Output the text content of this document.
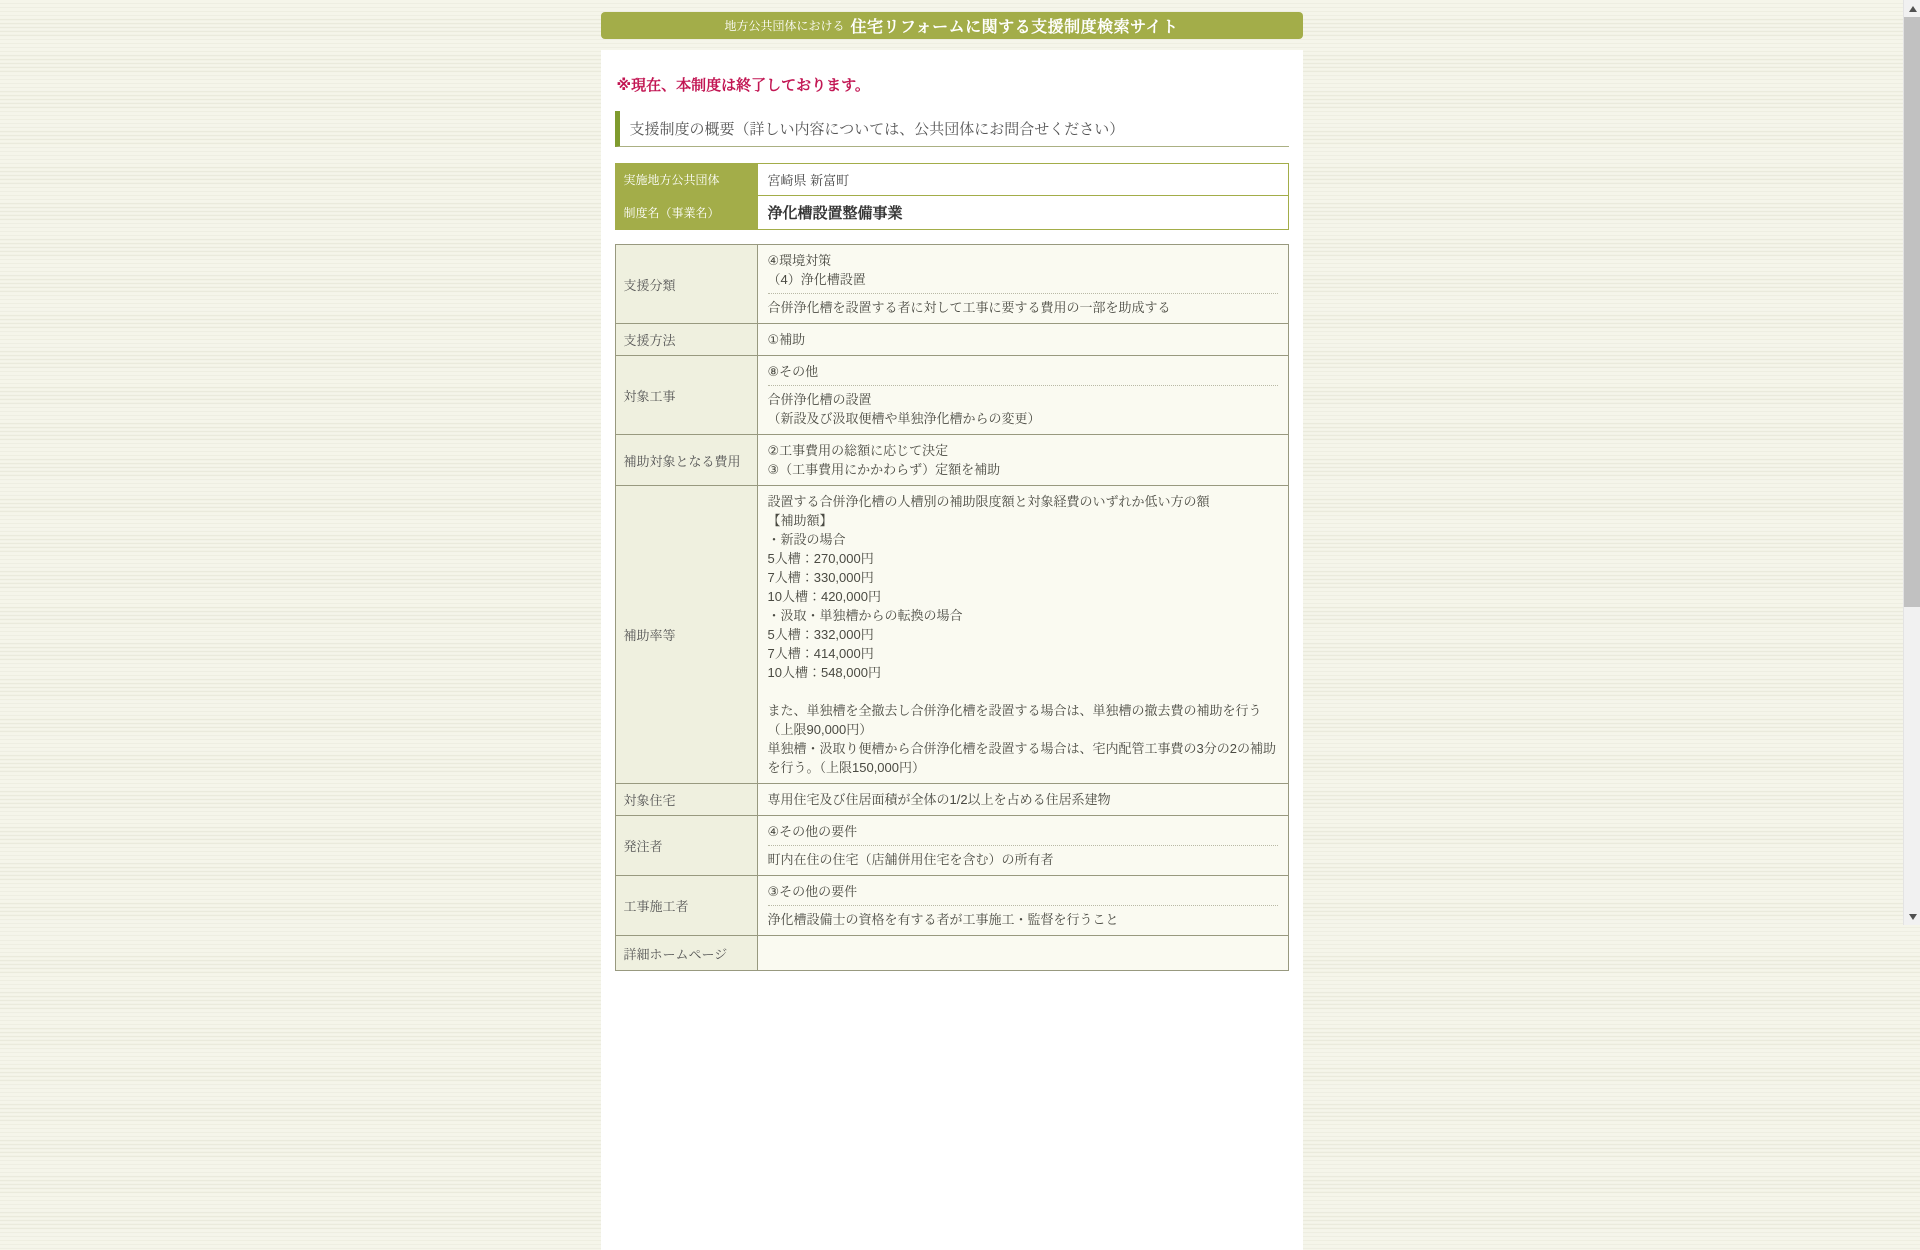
地方公共団体における 住宅リフォームに関する支援制度検索サイト

※現在、本制度は終了しております。

支援制度の概要（詳しい内容については、公共団体にお問合せください）
実施地方公共団体	宮崎県 新富町
制度名（事業名）	浄化槽設置整備事業
支援分類	④環境対策
（4）浄化槽設置
合併浄化槽を設置する者に対して工事に要する費用の一部を助成する

支援方法	①補助

対象工事	⑧その他
合併浄化槽の設置
（新設及び汲取便槽や単独浄化槽からの変更）

補助対象となる費用	②工事費用の総額に応じて決定
③（工事費用にかかわらず）定額を補助

補助率等	
設置する合併浄化槽の人槽別の補助限度額と対象経費のいずれか低い方の額
【補助額】
・新設の場合
5人槽：270,000円
7人槽：330,000円
10人槽：420,000円
・汲取・単独槽からの転換の場合
5人槽：332,000円
7人槽：414,000円
10人槽：548,000円

また、単独槽を全撤去し合併浄化槽を設置する場合は、単独槽の撤去費の補助を行う（上限90,000円）
単独槽・汲取り便槽から合併浄化槽を設置する場合は、宅内配管工事費の3分の2の補助を行う。（上限150,000円）

対象住宅	専用住宅及び住居面積が全体の1/2以上を占める住居系建物

発注者	④その他の要件
町内在住の住宅（店舗併用住宅を含む）の所有者

工事施工者	③その他の要件
浄化槽設備士の資格を有する者が工事施工・監督を行うこと

詳細ホームページ	
